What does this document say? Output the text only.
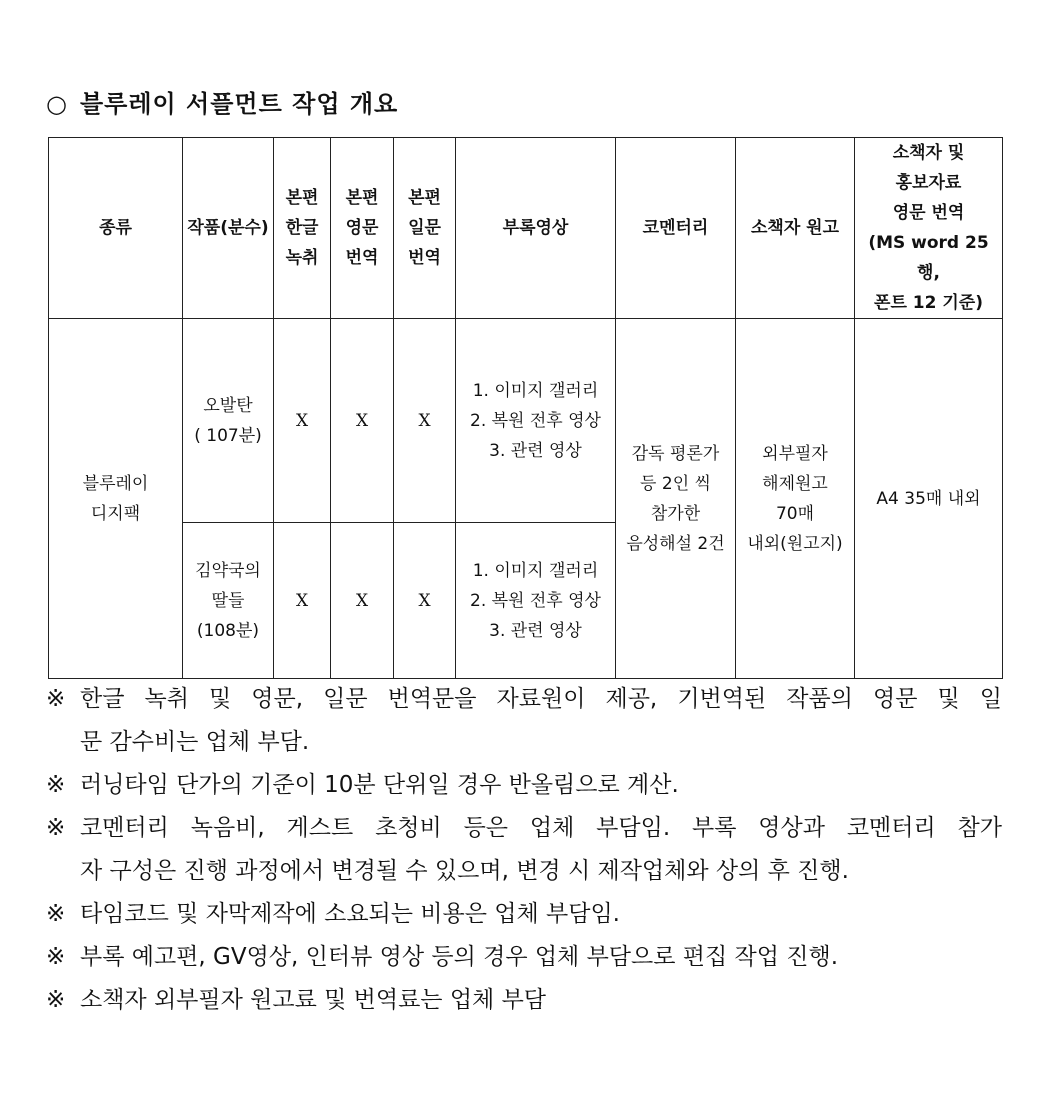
○ 블루레이 서플먼트 작업 개요
종류	작품(분수)	본편
한글
녹취	본편
영문
번역	본편
일문
번역	부록영상	코멘터리	소책자 원고	소책자 및
홍보자료
영문 번역
(MS word 25행,
폰트 12 기준)

블루레이
디지팩	오발탄
( 107분)	X	X	X	1. 이미지 갤러리
2. 복원 전후 영상
3. 관련 영상	감독 평론가
등 2인 씩
참가한
음성해설 2건	외부필자
해제원고
70매
내외(원고지)	A4 35매 내외

	김약국의
딸들
(108분)	X	X	X	1. 이미지 갤러리
2. 복원 전후 영상
3. 관련 영상			
※ 한글 녹취 및 영문, 일문 번역문을 자료원이 제공, 기번역된 작품의 영문 및 일
문 감수비는 업체 부담.
※ 러닝타임 단가의 기준이 10분 단위일 경우 반올림으로 계산.
※ 코멘터리 녹음비, 게스트 초청비 등은 업체 부담임. 부록 영상과 코멘터리 참가
자 구성은 진행 과정에서 변경될 수 있으며, 변경 시 제작업체와 상의 후 진행.
※ 타임코드 및 자막제작에 소요되는 비용은 업체 부담임.
※ 부록 예고편, GV영상, 인터뷰 영상 등의 경우 업체 부담으로 편집 작업 진행.
※ 소책자 외부필자 원고료 및 번역료는 업체 부담
